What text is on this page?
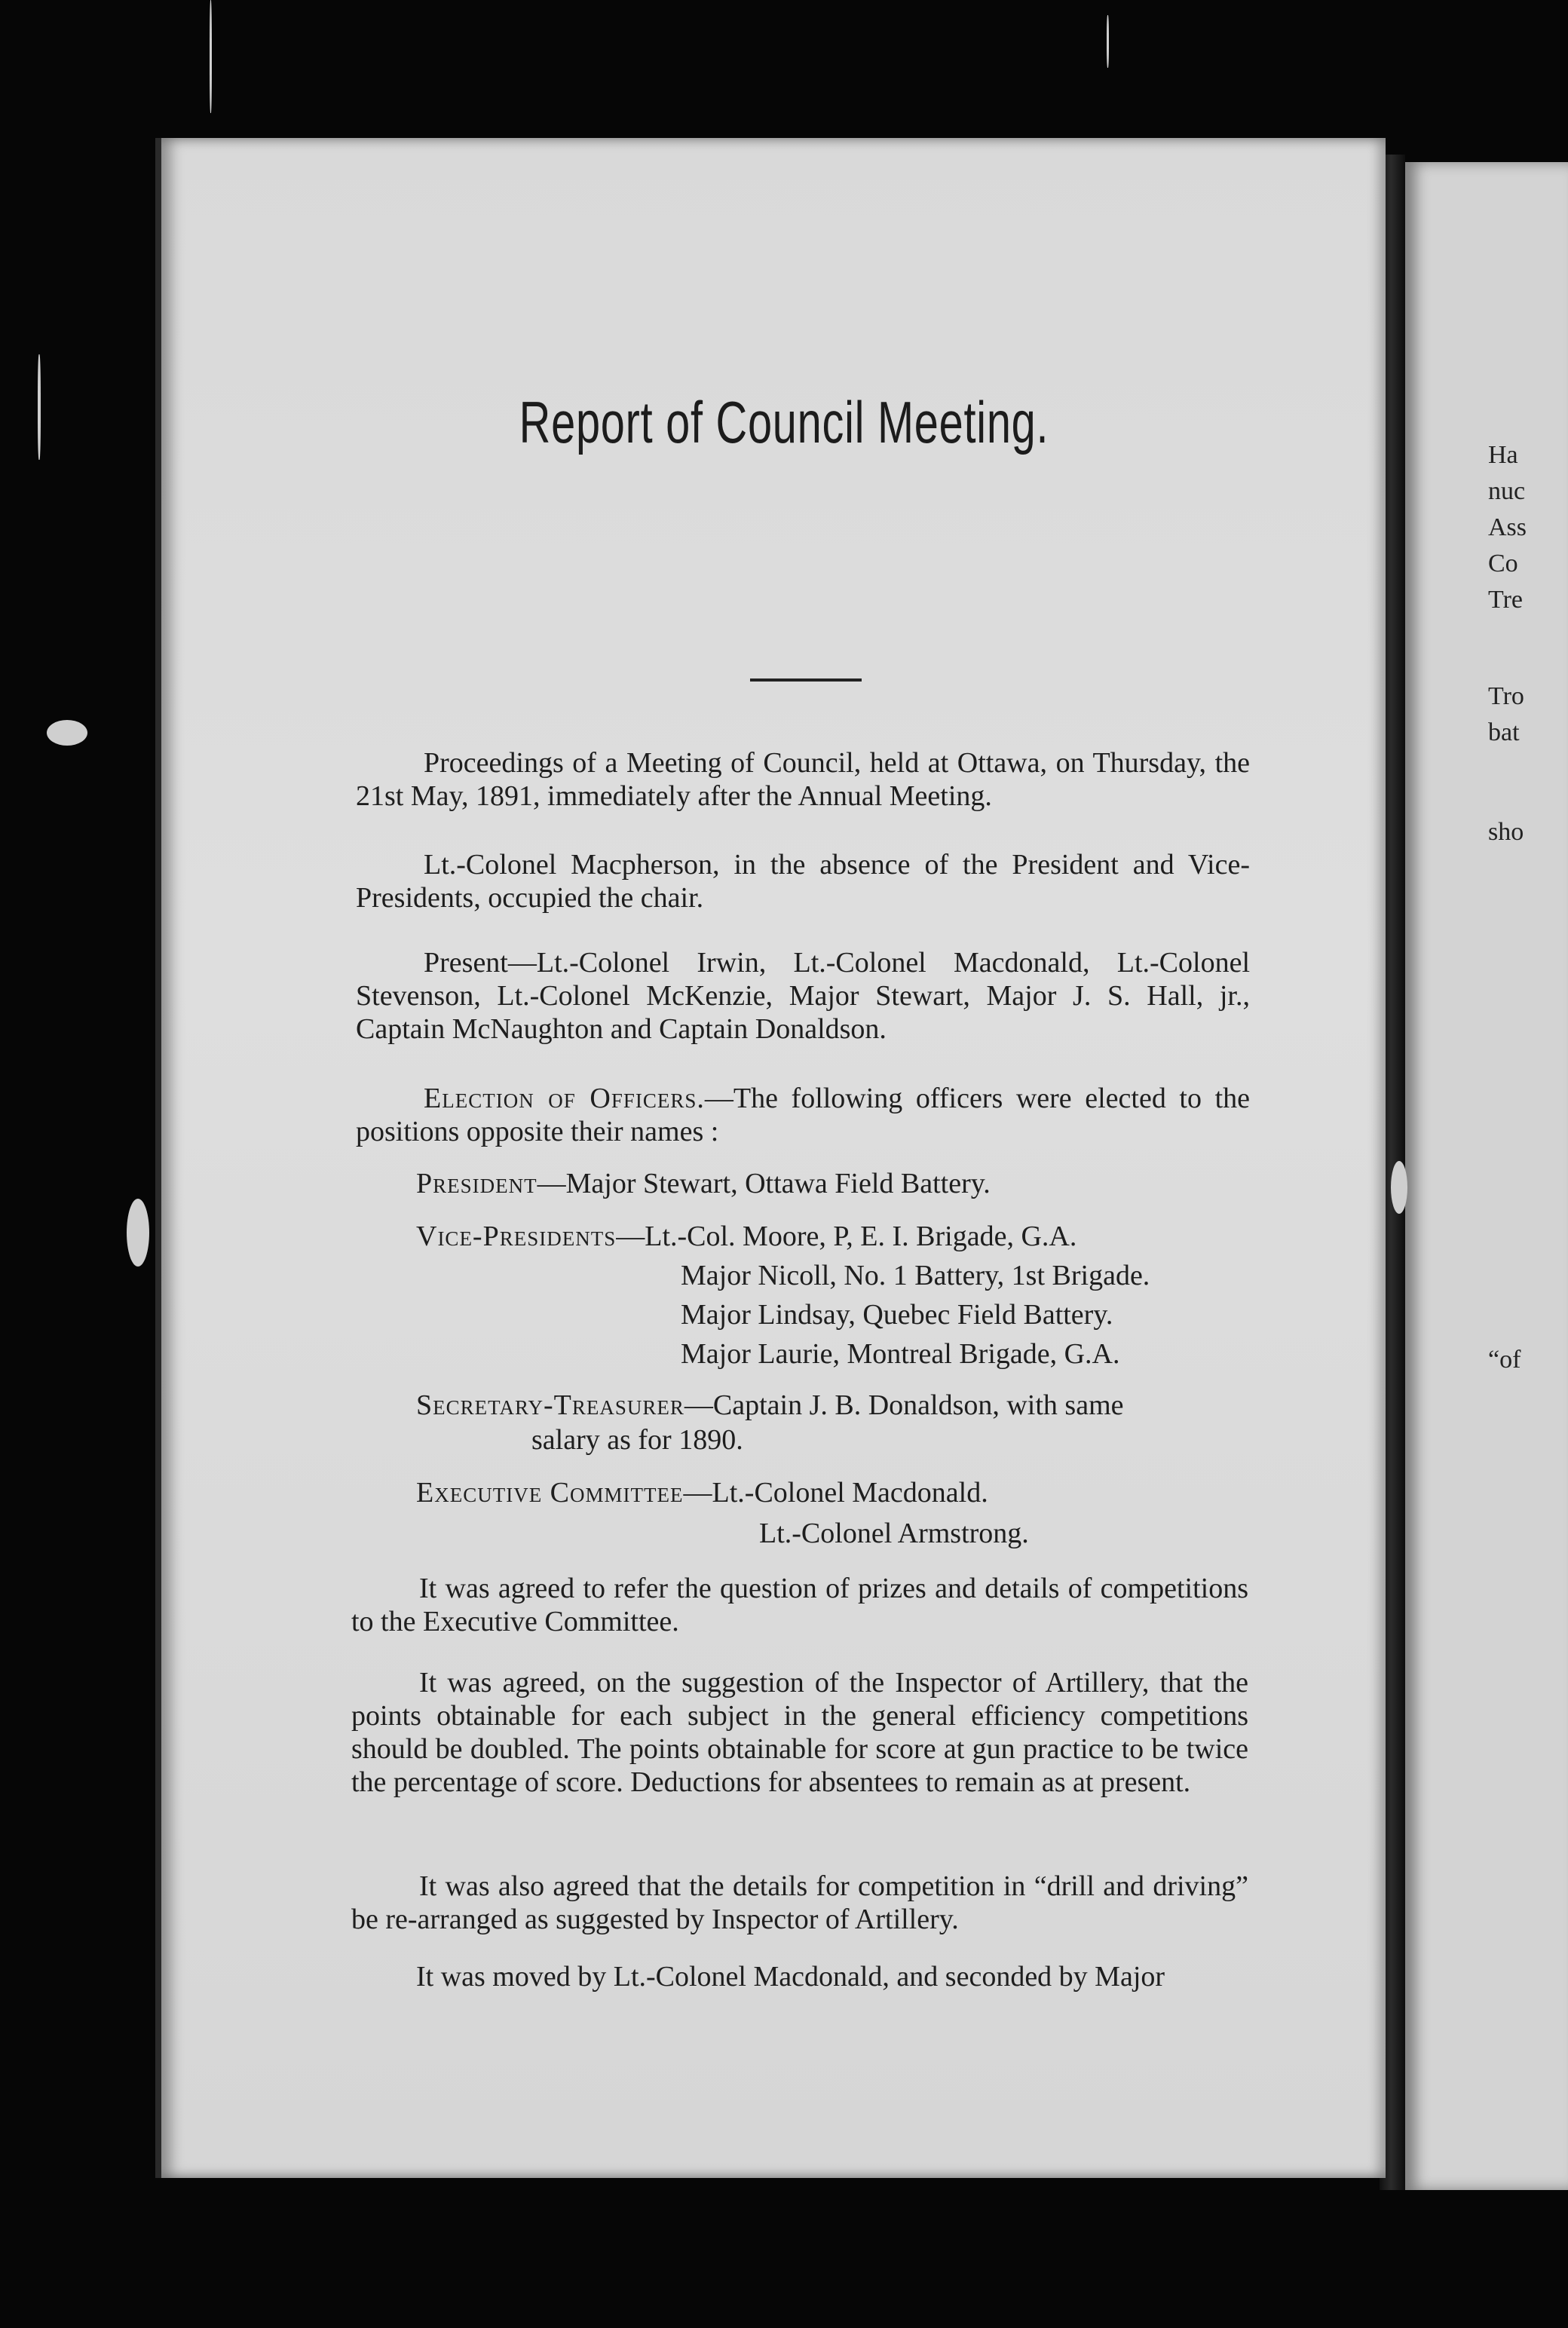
Ha
nuc
Ass
Co
Tre
Tro
bat
sho
“of
Report of Council Meeting.

Proceedings of a Meeting of Council, held at Ottawa, on Thursday, the 21st May, 1891, immediately after the Annual Meeting.

Lt.-Colonel Macpherson, in the absence of the President and Vice-Presidents, occupied the chair.

Present—Lt.-Colonel Irwin, Lt.-Colonel Macdonald, Lt.-Colonel Stevenson, Lt.-Colonel McKenzie, Major Stewart, Major J. S. Hall, jr., Captain McNaughton and Captain Donaldson.

Election of Officers.—The following officers were elected to the positions opposite their names :

President—Major Stewart, Ottawa Field Battery.
Vice-Presidents—Lt.-Col. Moore, P, E. I. Brigade, G.A.
Major Nicoll, No. 1 Battery, 1st Brigade.
Major Lindsay, Quebec Field Battery.
Major Laurie, Montreal Brigade, G.A.
Secretary-Treasurer—Captain J. B. Donaldson, with same
salary as for 1890.
Executive Committee—Lt.-Colonel Macdonald.
Lt.-Colonel Armstrong.

It was agreed to refer the question of prizes and details of competitions to the Executive Committee.

It was agreed, on the suggestion of the Inspector of Artillery, that the points obtainable for each subject in the general efficiency competitions should be doubled. The points obtainable for score at gun practice to be twice the percentage of score. Deductions for absentees to remain as at present.

It was also agreed that the details for competition in “drill and driving” be re-arranged as suggested by Inspector of Artillery.

It was moved by Lt.-Colonel Macdonald, and seconded by Major
